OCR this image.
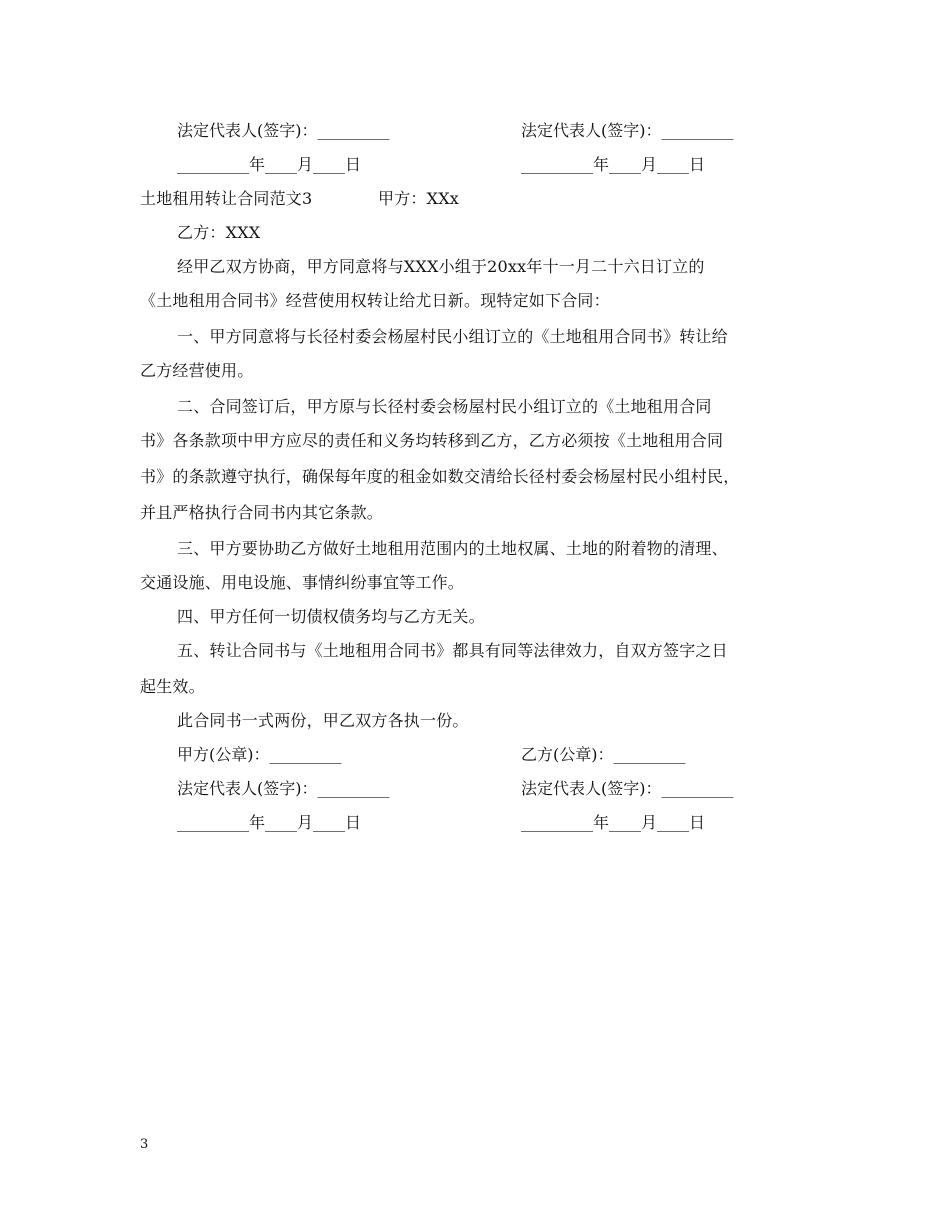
法定代表人(签字)：_________	法定代表人(签字)：_________
_________年____月____日	_________年____月____日
土地租用转让合同范文3	甲方：XXx
乙方：XXX
经甲乙双方协商，甲方同意将与XXX小组于20xx年十一月二十六日订立的
《土地租用合同书》经营使用权转让给尤日新。现特定如下合同：
一、甲方同意将与长径村委会杨屋村民小组订立的《土地租用合同书》转让给
乙方经营使用。
二、合同签订后，甲方原与长径村委会杨屋村民小组订立的《土地租用合同
书》各条款项中甲方应尽的责任和义务均转移到乙方，乙方必须按《土地租用合同
书》的条款遵守执行，确保每年度的租金如数交清给长径村委会杨屋村民小组村民，
并且严格执行合同书内其它条款。
三、甲方要协助乙方做好土地租用范围内的土地权属、土地的附着物的清理、
交通设施、用电设施、事情纠纷事宜等工作。
四、甲方任何一切债权债务均与乙方无关。
五、转让合同书与《土地租用合同书》都具有同等法律效力，自双方签字之日
起生效。
此合同书一式两份，甲乙双方各执一份。
甲方(公章)：_________	乙方(公章)：_________
法定代表人(签字)：_________	法定代表人(签字)：_________
_________年____月____日	_________年____月____日
3
